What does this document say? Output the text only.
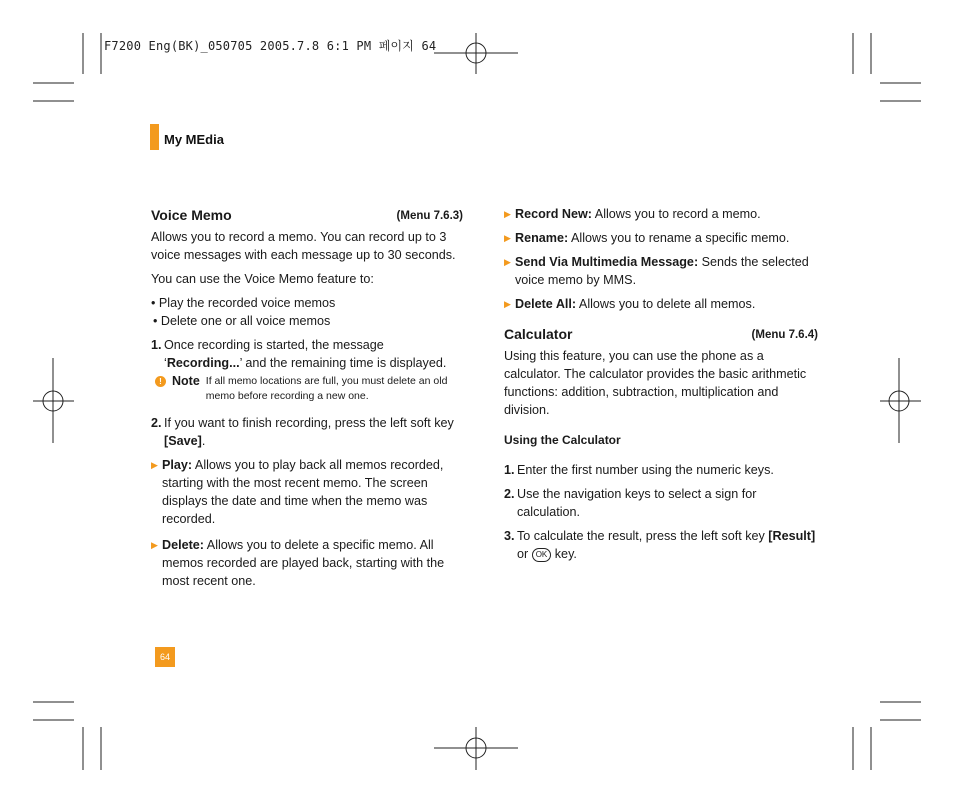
F7200 Eng(BK)_050705 2005.7.8 6:1 PM 페이지 64
My MEdia
Voice Memo	(Menu 7.6.3)

Allows you to record a memo. You can record up to 3 voice messages with each message up to 30 seconds.

You can use the Voice Memo feature to:

• Play the recorded voice memos

• Delete one or all voice memos

1. Once recording is started, the message
‘Recording...’ and the remaining time is displayed.

! Note If all memo locations are full, you must delete an old memo before recording a new one.
2. If you want to finish recording, press the left soft key [Save].

▶ Play: Allows you to play back all memos recorded, starting with the most recent memo. The screen displays the date and time when the memo was recorded.

▶ Delete: Allows you to delete a specific memo. All memos recorded are played back, starting with the most recent one.

▶ Record New: Allows you to record a memo.

▶ Rename: Allows you to rename a specific memo.

▶ Send Via Multimedia Message: Sends the selected voice memo by MMS.

▶ Delete All: Allows you to delete all memos.

Calculator	(Menu 7.6.4)

Using this feature, you can use the phone as a calculator. The calculator provides the basic arithmetic functions: addition, subtraction, multiplication and division.

Using the Calculator

1. Enter the first number using the numeric keys.

2. Use the navigation keys to select a sign for calculation.

3. To calculate the result, press the left soft key [Result] or OK key.

64
